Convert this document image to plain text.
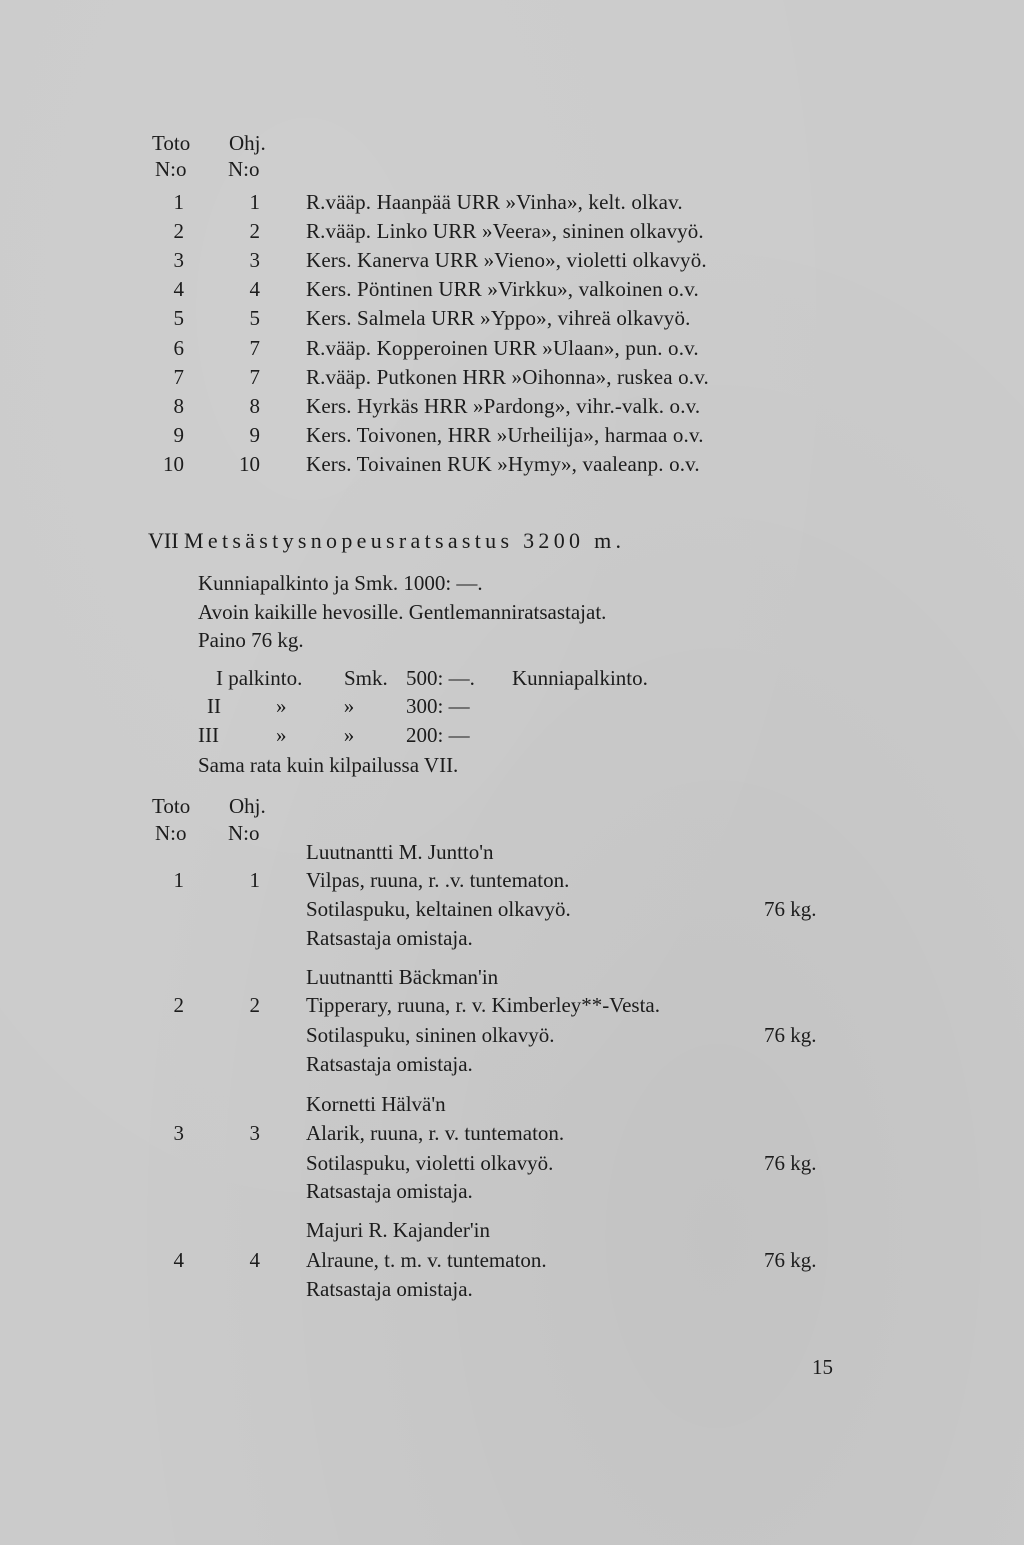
Toto Ohj.
N:o N:o
1	1 R.vääp. Haanpää URR »Vinha», kelt. olkav.
2	2 R.vääp. Linko URR »Veera», sininen olkavyö.
3	3 Kers. Kanerva URR »Vieno», violetti olkavyö.
4	4 Kers. Pöntinen URR »Virkku», valkoinen o.v.
5	5 Kers. Salmela URR »Yppo», vihreä olkavyö.
6	7 R.vääp. Kopperoinen URR »Ulaan», pun. o.v.
7	7 R.vääp. Putkonen HRR »Oihonna», ruskea o.v.
8	8 Kers. Hyrkäs HRR »Pardong», vihr.-valk. o.v.
9	9 Kers. Toivonen, HRR »Urheilija», harmaa o.v.
10	10 Kers. Toivainen RUK »Hymy», vaaleanp. o.v.
VII Metsästysnopeusratsastus 3200 m.
Kunniapalkinto ja Smk. 1000: —.
Avoin kaikille hevosille. Gentlemanniratsastajat.
Paino 76 kg.
I palkinto. Smk. 500: —. Kunniapalkinto.
II	» » 300: —
III	» » 200: —
Sama rata kuin kilpailussa VII.
Toto Ohj.
N:o N:o
Luutnantti M. Juntto'n
1	1 Vilpas, ruuna, r. .v. tuntematon.
Sotilaspuku, keltainen olkavyö.	76 kg.
Ratsastaja omistaja.
Luutnantti Bäckman'in
2	2 Tipperary, ruuna, r. v. Kimberley**-Vesta.
Sotilaspuku, sininen olkavyö.	76 kg.
Ratsastaja omistaja.
Kornetti Hälvä'n
3	3 Alarik, ruuna, r. v. tuntematon.
Sotilaspuku, violetti olkavyö.	76 kg.
Ratsastaja omistaja.
Majuri R. Kajander'in
4	4 Alraune, t. m. v. tuntematon.	76 kg.
Ratsastaja omistaja.
15
